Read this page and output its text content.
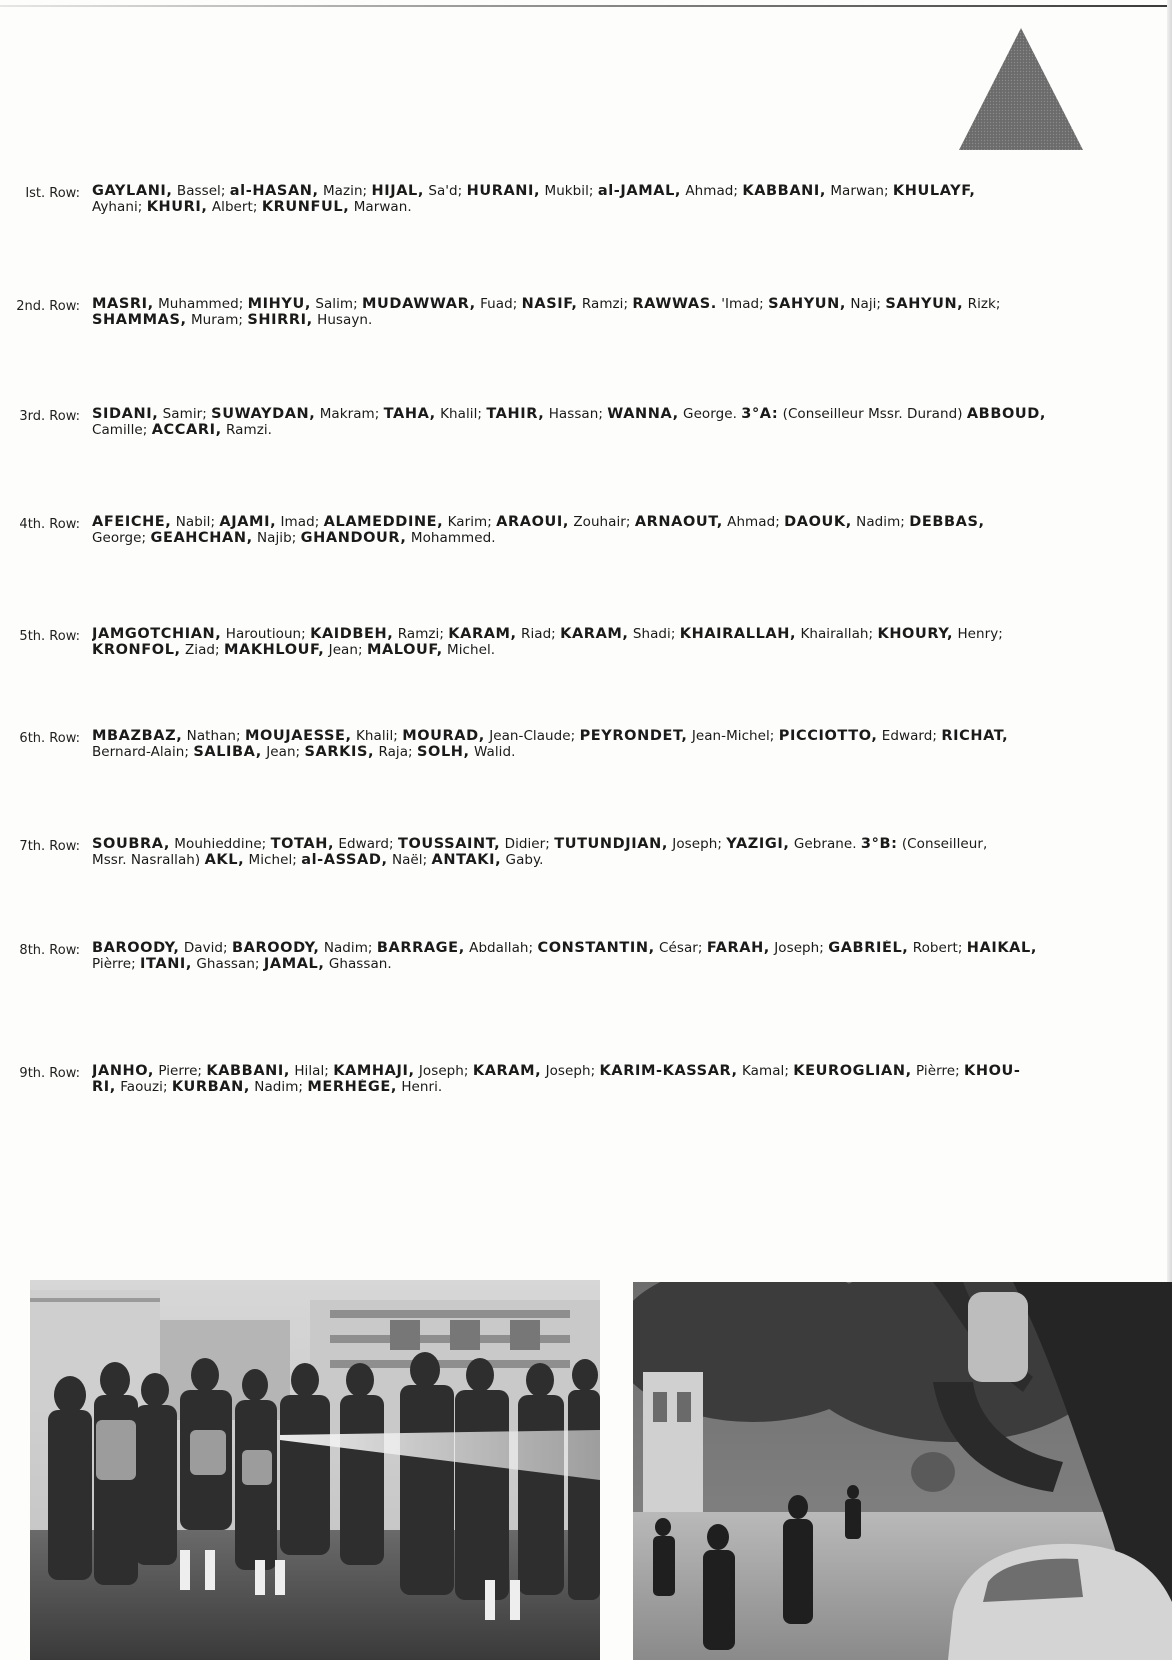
Ist. Row: GAYLANI, Bassel; al-HASAN, Mazin; HIJAL, Sa'd; HURANI, Mukbil; al-JAMAL, Ahmad; KABBANI, Marwan; KHULAYF,
Ayhani; KHURI, Albert; KRUNFUL, Marwan.
2nd. Row: MASRI, Muhammed; MIHYU, Salim; MUDAWWAR, Fuad; NASIF, Ramzi; RAWWAS. 'Imad; SAHYUN, Naji; SAHYUN, Rizk;
SHAMMAS, Muram; SHIRRI, Husayn.
3rd. Row: SIDANI, Samir; SUWAYDAN, Makram; TAHA, Khalil; TAHIR, Hassan; WANNA, George. 3°A: (Conseilleur Mssr. Durand) ABBOUD,
Camille; ACCARI, Ramzi.
4th. Row: AFEICHE, Nabil; AJAMI, Imad; ALAMEDDINE, Karim; ARAOUI, Zouhair; ARNAOUT, Ahmad; DAOUK, Nadim; DEBBAS,
George; GEAHCHAN, Najib; GHANDOUR, Mohammed.
5th. Row: JAMGOTCHIAN, Haroutioun; KAIDBEH, Ramzi; KARAM, Riad; KARAM, Shadi; KHAIRALLAH, Khairallah; KHOURY, Henry;
KRONFOL, Ziad; MAKHLOUF, Jean; MALOUF, Michel.
6th. Row: MBAZBAZ, Nathan; MOUJAESSE, Khalil; MOURAD, Jean-Claude; PEYRONDET, Jean-Michel; PICCIOTTO, Edward; RICHAT,
Bernard-Alain; SALIBA, Jean; SARKIS, Raja; SOLH, Walid.
7th. Row: SOUBRA, Mouhieddine; TOTAH, Edward; TOUSSAINT, Didier; TUTUNDJIAN, Joseph; YAZIGI, Gebrane. 3°B: (Conseilleur,
Mssr. Nasrallah) AKL, Michel; al-ASSAD, Naël; ANTAKI, Gaby.
8th. Row: BAROODY, David; BAROODY, Nadim; BARRAGE, Abdallah; CONSTANTIN, César; FARAH, Joseph; GABRIÉL, Robert; HAIKAL,
Pièrre; ITANI, Ghassan; JAMAL, Ghassan.
9th. Row: JANHO, Pierre; KABBANI, Hilal; KAMHAJI, Joseph; KARAM, Joseph; KARIM-KASSAR, Kamal; KEUROGLIAN, Pièrre; KHOU-
RI, Faouzi; KURBAN, Nadim; MERHÈGE, Henri.
